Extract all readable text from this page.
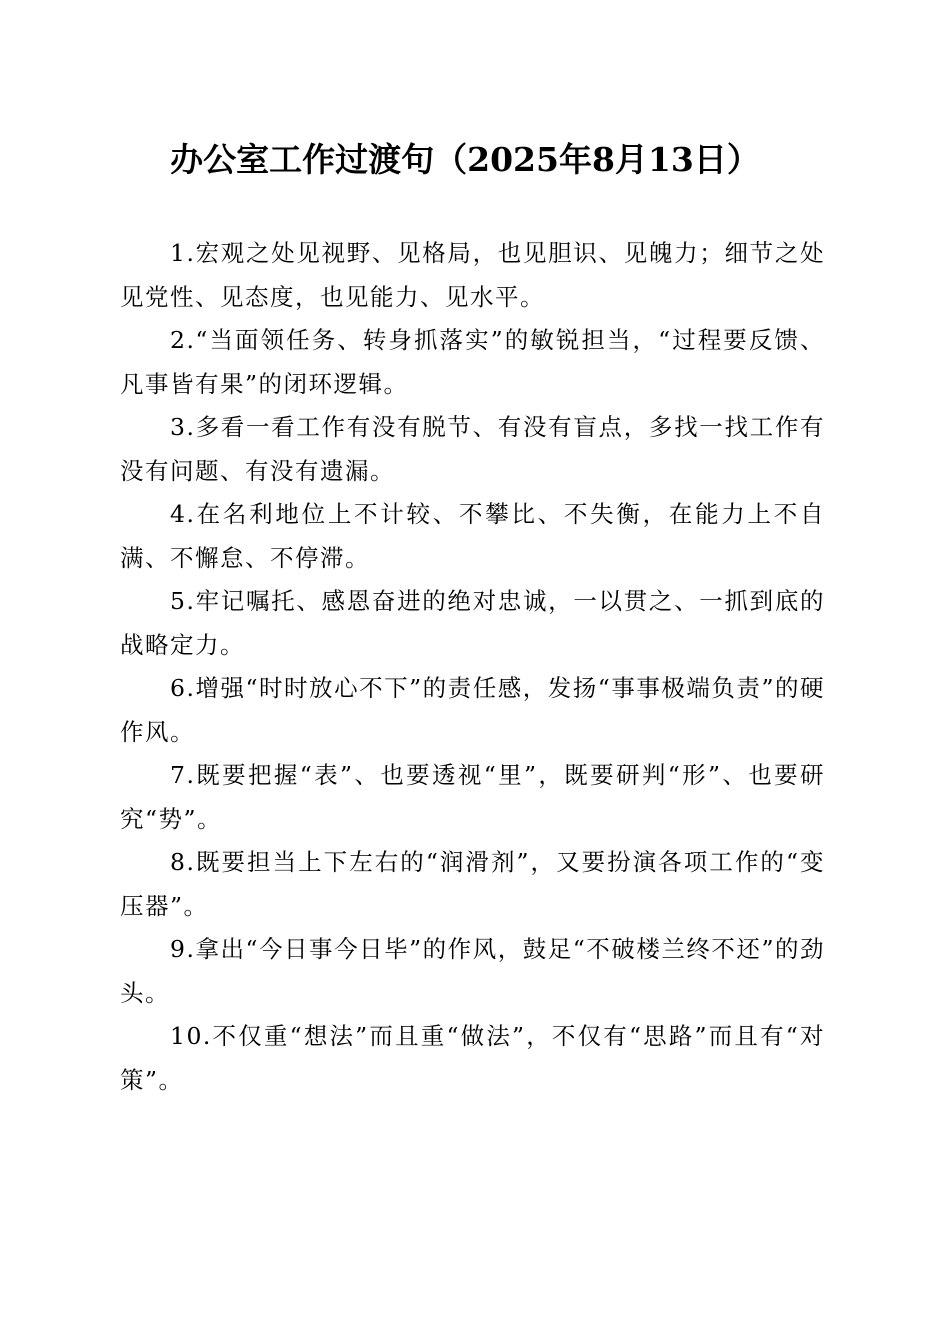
办公室工作过渡句（2025年8月13日）

1.宏观之处见视野、见格局，也见胆识、见魄力；细节之处见党性、见态度，也见能力、见水平。

2.“当面领任务、转身抓落实”的敏锐担当，“过程要反馈、凡事皆有果”的闭环逻辑。

3.多看一看工作有没有脱节、有没有盲点，多找一找工作有没有问题、有没有遗漏。

4.在名利地位上不计较、不攀比、不失衡，在能力上不自满、不懈怠、不停滞。

5.牢记嘱托、感恩奋进的绝对忠诚，一以贯之、一抓到底的战略定力。

6.增强“时时放心不下”的责任感，发扬“事事极端负责”的硬作风。

7.既要把握“表”、也要透视“里”，既要研判“形”、也要研究“势”。

8.既要担当上下左右的“润滑剂”，又要扮演各项工作的“变压器”。

9.拿出“今日事今日毕”的作风，鼓足“不破楼兰终不还”的劲头。

10.不仅重“想法”而且重“做法”，不仅有“思路”而且有“对策”。
